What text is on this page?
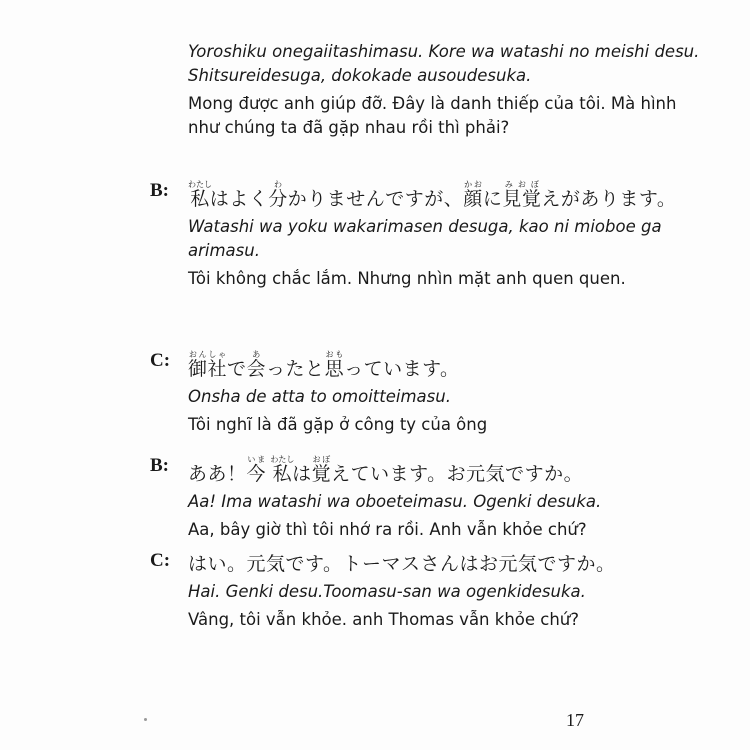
Yoroshiku onegaiitashimasu. Kore wa watashi no meishi desu. Shitsureidesuga, dokokade ausoudesuka.

Mong được anh giúp đỡ. Đây là danh thiếp của tôi. Mà hình như chúng ta đã gặp nhau rồi thì phải?

B: 私わたしはよく分わかりませんですが、顔かおに見覚みおぼえがあります。

Watashi wa yoku wakarimasen desuga, kao ni mioboe ga arimasu.

Tôi không chắc lắm. Nhưng nhìn mặt anh quen quen.

C: 御社おんしゃで会あったと思おもっています。

Onsha de atta to omoitteimasu.

Tôi nghĩ là đã gặp ở công ty của ông

B: ああ！今いま 私わたしは覚おぼえています。お元気ですか。

Aa! Ima watashi wa oboeteimasu. Ogenki desuka.

Aa, bây giờ thì tôi nhớ ra rồi. Anh vẫn khỏe chứ?

C: はい。元気です。トーマスさんはお元気ですか。

Hai. Genki desu.Toomasu-san wa ogenkidesuka.

Vâng, tôi vẫn khỏe. anh Thomas vẫn khỏe chứ?

17
